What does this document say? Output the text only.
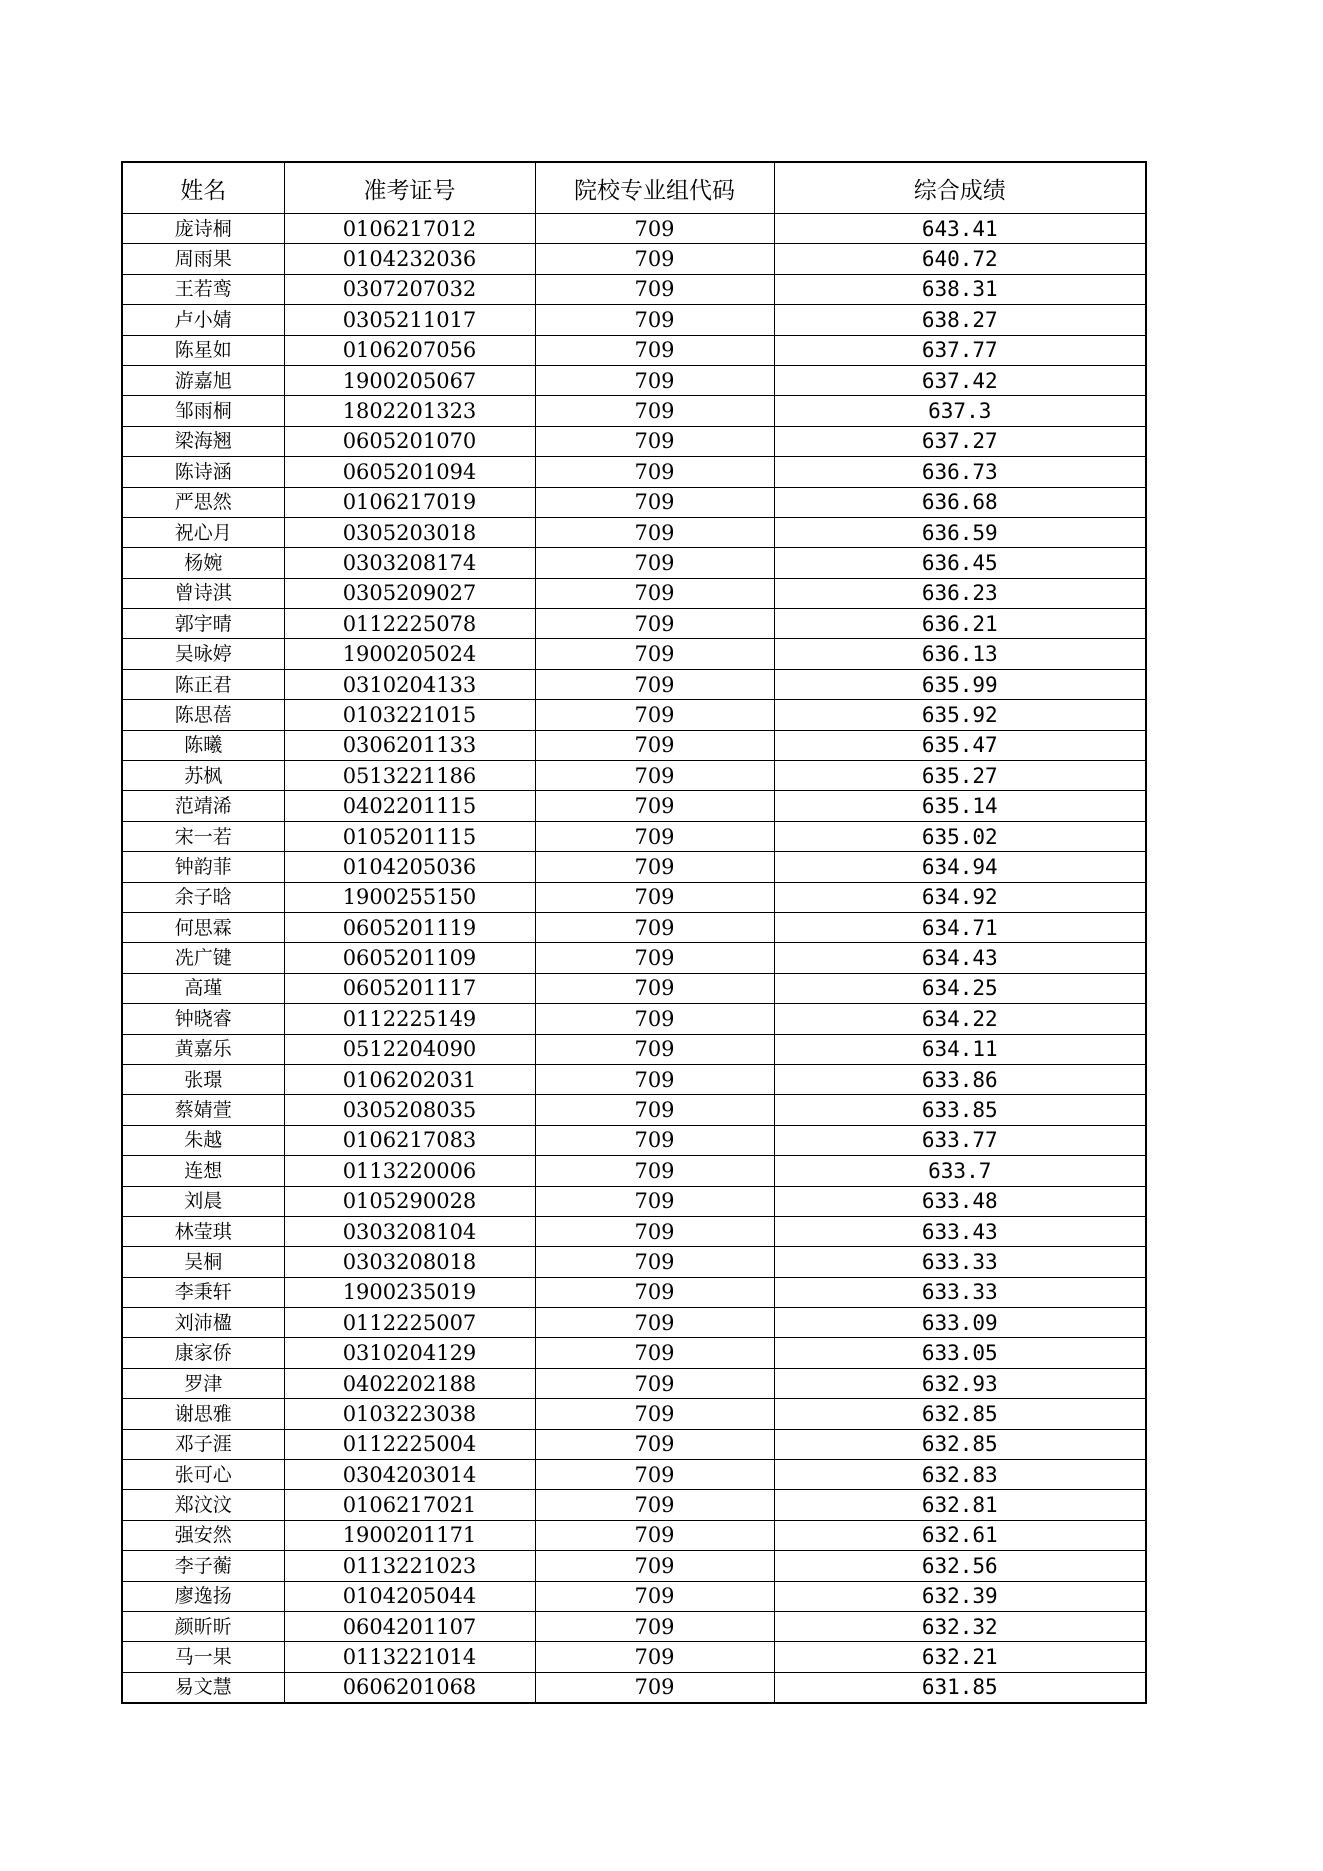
姓名	准考证号	院校专业组代码	综合成绩
庞诗桐	0106217012	709	643.41
周雨果	0104232036	709	640.72
王若鸾	0307207032	709	638.31
卢小婧	0305211017	709	638.27
陈星如	0106207056	709	637.77
游嘉旭	1900205067	709	637.42
邹雨桐	1802201323	709	637.3
梁海翘	0605201070	709	637.27
陈诗涵	0605201094	709	636.73
严思然	0106217019	709	636.68
祝心月	0305203018	709	636.59
杨婉	0303208174	709	636.45
曾诗淇	0305209027	709	636.23
郭宇晴	0112225078	709	636.21
吴咏婷	1900205024	709	636.13
陈正君	0310204133	709	635.99
陈思蓓	0103221015	709	635.92
陈曦	0306201133	709	635.47
苏枫	0513221186	709	635.27
范靖浠	0402201115	709	635.14
宋一若	0105201115	709	635.02
钟韵菲	0104205036	709	634.94
余子晗	1900255150	709	634.92
何思霖	0605201119	709	634.71
冼广键	0605201109	709	634.43
高瑾	0605201117	709	634.25
钟晓睿	0112225149	709	634.22
黄嘉乐	0512204090	709	634.11
张璟	0106202031	709	633.86
蔡婧萱	0305208035	709	633.85
朱越	0106217083	709	633.77
连想	0113220006	709	633.7
刘晨	0105290028	709	633.48
林莹琪	0303208104	709	633.43
吴桐	0303208018	709	633.33
李秉轩	1900235019	709	633.33
刘沛楹	0112225007	709	633.09
康家侨	0310204129	709	633.05
罗津	0402202188	709	632.93
谢思雅	0103223038	709	632.85
邓子涯	0112225004	709	632.85
张可心	0304203014	709	632.83
郑汶汶	0106217021	709	632.81
强安然	1900201171	709	632.61
李子蘅	0113221023	709	632.56
廖逸扬	0104205044	709	632.39
颜昕昕	0604201107	709	632.32
马一果	0113221014	709	632.21
易文慧	0606201068	709	631.85
